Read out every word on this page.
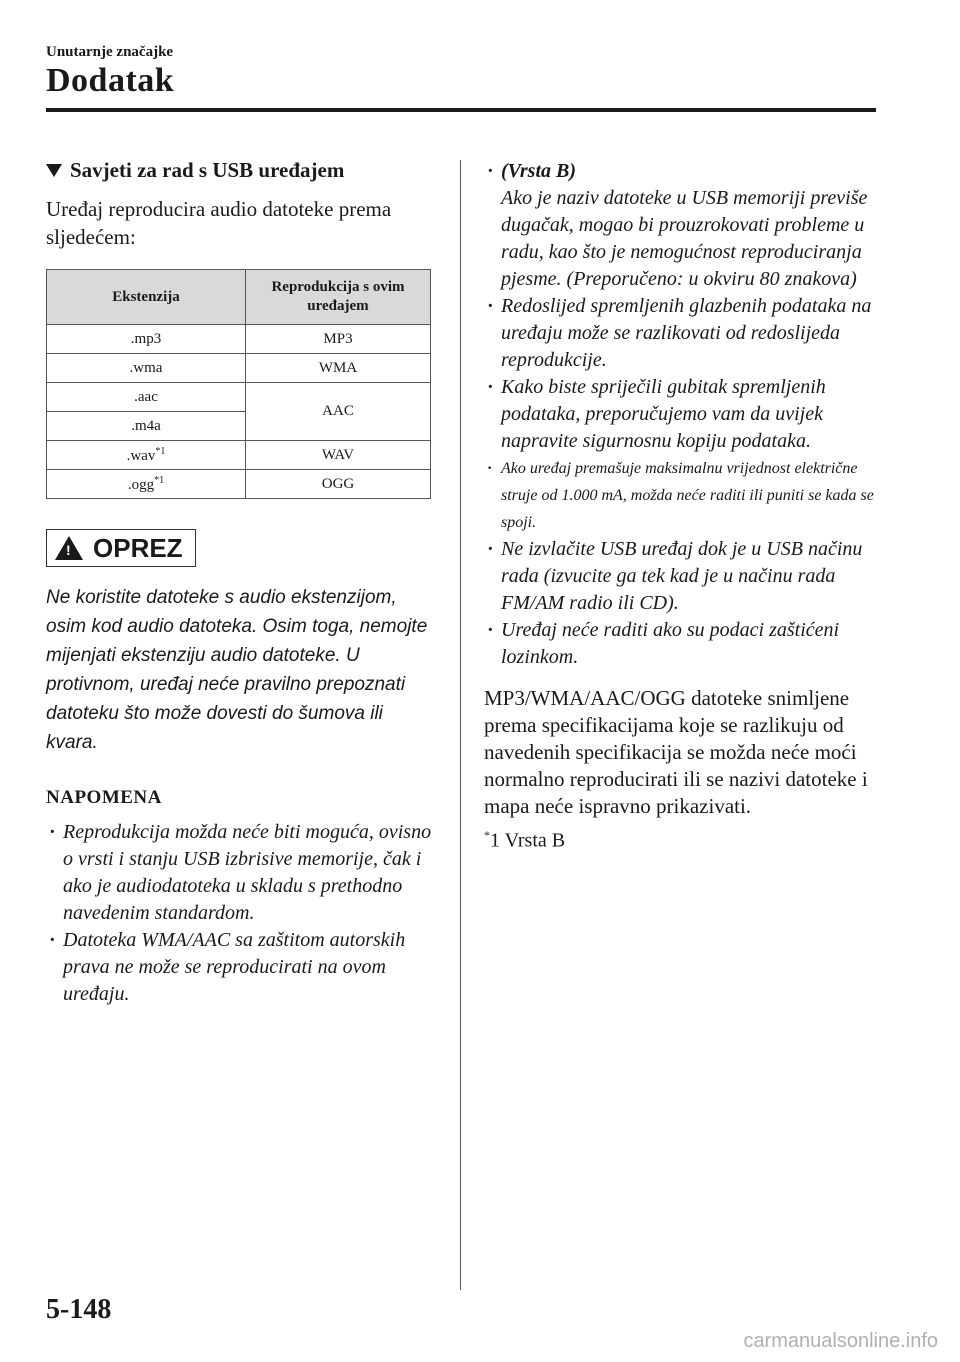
Unutarnje značajke
Dodatak
Savjeti za rad s USB uređajem
Uređaj reproducira audio datoteke prema sljedećem:
Ekstenzija	Reprodukcija s ovim uređajem
.mp3	MP3
.wma	WMA
.aac	AAC
.m4a	
.wav$^{*1}$	WAV
.ogg$^{*1}$	OGG
! OPREZ
Ne koristite datoteke s audio ekstenzijom, osim kod audio datoteka. Osim toga, nemojte mijenjati ekstenziju audio datoteke. U protivnom, uređaj neće pravilno prepoznati datoteku što može dovesti do šumova ili kvara.
NAPOMENA
· Reprodukcija možda neće biti moguća, ovisno o vrsti i stanju USB izbrisive memorije, čak i ako je audiodatoteka u skladu s prethodno navedenim standardom.
· Datoteka WMA/AAC sa zaštitom autorskih prava ne može se reproducirati na ovom uređaju.
· (Vrsta B)
Ako je naziv datoteke u USB memoriji previše dugačak, mogao bi prouzrokovati probleme u radu, kao što je nemogućnost reproduciranja pjesme. (Preporučeno: u okviru 80 znakova)
· Redoslijed spremljenih glazbenih podataka na uređaju može se razlikovati od redoslijeda reprodukcije.
· Kako biste spriječili gubitak spremljenih podataka, preporučujemo vam da uvijek napravite sigurnosnu kopiju podataka.
· Ako uređaj premašuje maksimalnu vrijednost električne struje od 1.000 mA, možda neće raditi ili puniti se kada se spoji.
· Ne izvlačite USB uređaj dok je u USB načinu rada (izvucite ga tek kad je u načinu rada FM/AM radio ili CD).
· Uređaj neće raditi ako su podaci zaštićeni lozinkom.
MP3/WMA/AAC/OGG datoteke snimljene prema specifikacijama koje se razlikuju od navedenih specifikacija se možda neće moći normalno reproducirati ili se nazivi datoteke i mapa neće ispravno prikazivati.
*1 Vrsta B
5-148
carmanualsonline.info
